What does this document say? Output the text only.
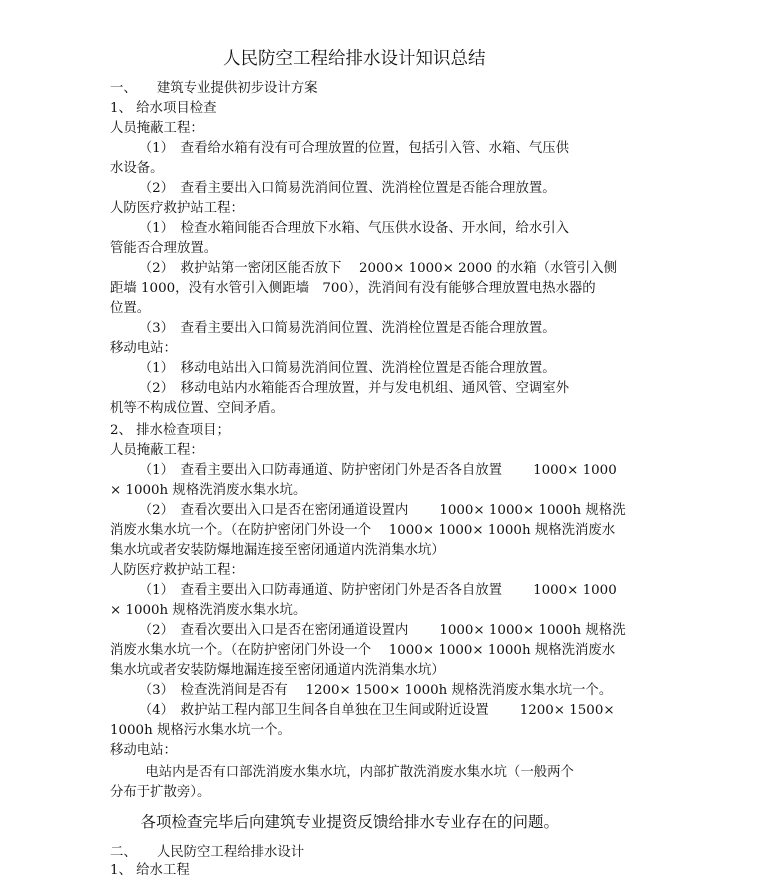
人民防空工程给排水设计知识总结
一、　　建筑专业提供初步设计方案
1、 给水项目检查
人员掩蔽工程：
　（1）　查看给水箱有没有可合理放置的位置，包括引入管、水箱、气压供
水设备。
　（2）　查看主要出入口简易洗消间位置、洗消栓位置是否能合理放置。
人防医疗救护站工程：
　（1）　检查水箱间能否合理放下水箱、气压供水设备、开水间，给水引入
管能否合理放置。
　（2）　救护站第一密闭区能否放下　 2000× 1000× 2000 的水箱（水管引入侧
距墙 1000，没有水管引入侧距墙　700），洗消间有没有能够合理放置电热水器的
位置。
　（3）　查看主要出入口简易洗消间位置、洗消栓位置是否能合理放置。
移动电站：
　（1）　移动电站出入口简易洗消间位置、洗消栓位置是否能合理放置。
　（2）　移动电站内水箱能否合理放置，并与发电机组、通风管、空调室外
机等不构成位置、空间矛盾。
2、 排水检查项目；
人员掩蔽工程：
　（1）　查看主要出入口防毒通道、防护密闭门外是否各自放置　　 1000× 1000
× 1000h 规格洗消废水集水坑。
　（2）　查看次要出入口是否在密闭通道设置内　　 1000× 1000× 1000h 规格洗
消废水集水坑一个。（在防护密闭门外设一个　 1000× 1000× 1000h 规格洗消废水
集水坑或者安装防爆地漏连接至密闭通道内洗消集水坑）
人防医疗救护站工程：
　（1）　查看主要出入口防毒通道、防护密闭门外是否各自放置　　 1000× 1000
× 1000h 规格洗消废水集水坑。
　（2）　查看次要出入口是否在密闭通道设置内　　 1000× 1000× 1000h 规格洗
消废水集水坑一个。（在防护密闭门外设一个　 1000× 1000× 1000h 规格洗消废水
集水坑或者安装防爆地漏连接至密闭通道内洗消集水坑）
　（3）　检查洗消间是否有　 1200× 1500× 1000h 规格洗消废水集水坑一个。
　（4）　救护站工程内部卫生间各自单独在卫生间或附近设置　　 1200× 1500×
1000h 规格污水集水坑一个。
移动电站：
　电站内是否有口部洗消废水集水坑，内部扩散洗消废水集水坑（一般两个
分布于扩散旁）。
　各项检查完毕后向建筑专业提资反馈给排水专业存在的问题。
二、　　人民防空工程给排水设计
1、 给水工程
